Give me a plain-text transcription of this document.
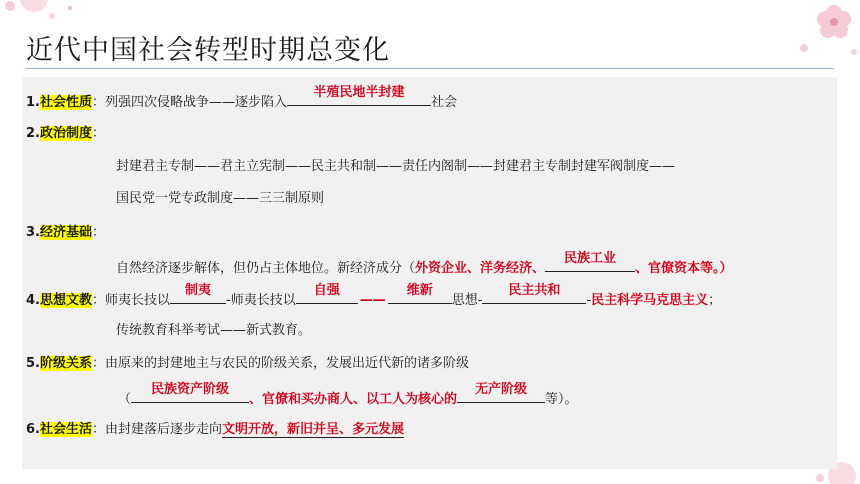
近代中国社会转型时期总变化
1.社会性质：列强四次侵略战争——逐步陷入
半殖民地半封建
社会
2.政治制度：
封建君主专制——君主立宪制——民主共和制——责任内阁制——封建君主专制封建军阀制度——
国民党一党专政制度——三三制原则
3.经济基础：
自然经济逐步解体，但仍占主体地位。新经济成分（外资企业、洋务经济、
民族工业
、官僚资本等。）
4.思想文教：师夷长技以
制夷
-师夷长技以
自强
——
维新
思想-
民主共和
-民主科学马克思主义；
传统教育科举考试——新式教育。
5.阶级关系：由原来的封建地主与农民的阶级关系，发展出近代新的诸多阶级
（
民族资产阶级
、官僚和买办商人、以工人为核心的
无产阶级
等）。
6.社会生活：由封建落后逐步走向文明开放，新旧并呈、多元发展
